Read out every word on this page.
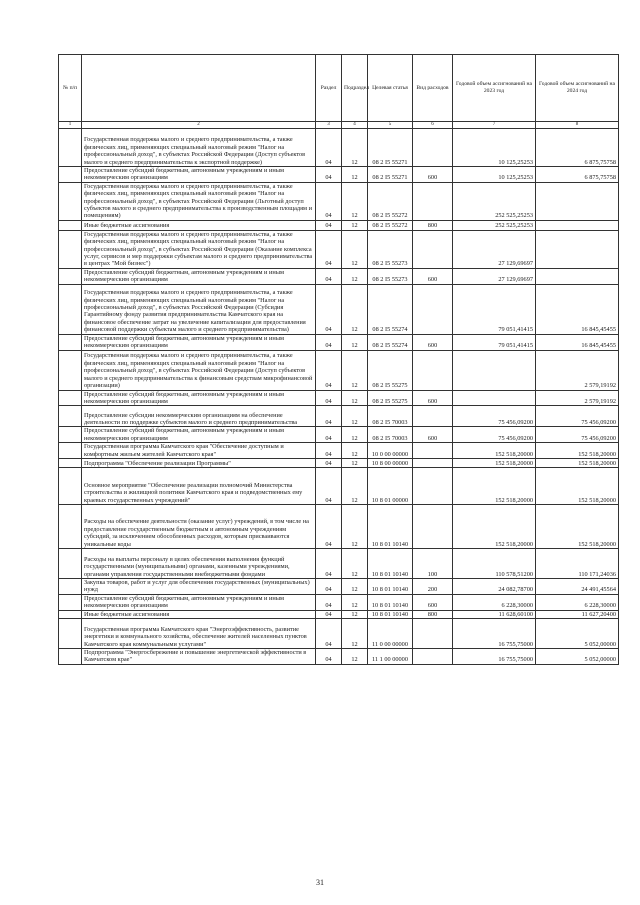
№ п/п		Раздел	Подраздел	Целевая статья	Вид расходов	Годовой объем ассигнований на 2023 год	Годовой объем ассигнований на 2024 год
1	2	3	4	5	6	7	8
	Государственная поддержка малого и среднего предпринимательства, а также физических лиц, применяющих специальный налоговый режим "Налог на профессиональный доход", в субъектах Российской Федерации (Доступ субъектов малого и среднего предпринимательства к экспортной поддержке)	04	12	08 2 I5 55271		10 125,25253	6 875,75758
	Предоставление субсидий бюджетным, автономным учреждениям и иным некоммерческим организациям	04	12	08 2 I5 55271	600	10 125,25253	6 875,75758
	Государственная поддержка малого и среднего предпринимательства, а также физических лиц, применяющих специальный налоговый режим "Налог на профессиональный доход", в субъектах Российской Федерации (Льготный доступ субъектов малого и среднего предпринимательства к производственным площадям и помещениям)	04	12	08 2 I5 55272		252 525,25253	
	Иные бюджетные ассигнования	04	12	08 2 I5 55272	800	252 525,25253	
	Государственная поддержка малого и среднего предпринимательства, а также физических лиц, применяющих специальный налоговый режим "Налог на профессиональный доход", в субъектах Российской Федерации (Оказание комплекса услуг, сервисов и мер поддержки субъектам малого и среднего предпринимательства в центрах "Мой бизнес")	04	12	08 2 I5 55273		27 129,69697	
	Предоставление субсидий бюджетным, автономным учреждениям и иным некоммерческим организациям	04	12	08 2 I5 55273	600	27 129,69697	
	Государственная поддержка малого и среднего предпринимательства, а также физических лиц, применяющих специальный налоговый режим "Налог на профессиональный доход", в субъектах Российской Федерации (Субсидия Гарантийному фонду развития предпринимательства Камчатского края на финансовое обеспечение затрат на увеличение капитализации для предоставления финансовой поддержки субъектам малого и среднего предпринимательства)	04	12	08 2 I5 55274		79 051,41415	16 845,45455
	Предоставление субсидий бюджетным, автономным учреждениям и иным некоммерческим организациям	04	12	08 2 I5 55274	600	79 051,41415	16 845,45455
	Государственная поддержка малого и среднего предпринимательства, а также физических лиц, применяющих специальный налоговый режим "Налог на профессиональный доход", в субъектах Российской Федерации (Доступ субъектов малого и среднего предпринимательства к финансовым средствам микрофинансовой организации)	04	12	08 2 I5 55275			2 579,19192
	Предоставление субсидий бюджетным, автономным учреждениям и иным некоммерческим организациям	04	12	08 2 I5 55275	600		2 579,19192
	Предоставление субсидии некоммерческим организациям на обеспечение деятельности по поддержке субъектов малого и среднего предпринимательства	04	12	08 2 I5 70003		75 456,09200	75 456,09200
	Предоставление субсидий бюджетным, автономным учреждениям и иным некоммерческим организациям	04	12	08 2 I5 70003	600	75 456,09200	75 456,09200
	Государственная программа Камчатского края "Обеспечение доступным и комфортным жильем жителей Камчатского края"	04	12	10 0 00 00000		152 518,20000	152 518,20000
	Подпрограмма "Обеспечение реализации Программы"	04	12	10 8 00 00000		152 518,20000	152 518,20000
	Основное мероприятие "Обеспечение реализации полномочий Министерства строительства и жилищной политики Камчатского края и подведомственных ему краевых государственных учреждений"	04	12	10 8 01 00000		152 518,20000	152 518,20000
	Расходы на обеспечение деятельности (оказание услуг) учреждений, в том числе на предоставление государственным бюджетным и автономным учреждениям субсидий, за исключением обособленных расходов, которым присваиваются уникальные коды	04	12	10 8 01 10140		152 518,20000	152 518,20000
	Расходы на выплаты персоналу в целях обеспечения выполнения функций государственными (муниципальными) органами, казенными учреждениями, органами управления государственными внебюджетными фондами	04	12	10 8 01 10140	100	110 578,51200	110 171,24036
	Закупка товаров, работ и услуг для обеспечения государственных (муниципальных) нужд	04	12	10 8 01 10140	200	24 082,78700	24 491,45564
	Предоставление субсидий бюджетным, автономным учреждениям и иным некоммерческим организациям	04	12	10 8 01 10140	600	6 228,30000	6 228,30000
	Иные бюджетные ассигнования	04	12	10 8 01 10140	800	11 628,60100	11 627,20400
	Государственная программа Камчатского края "Энергоэффективность, развитие энергетики и коммунального хозяйства, обеспечение жителей населенных пунктов Камчатского края коммунальными услугами"	04	12	11 0 00 00000		16 755,75000	5 052,00000
	Подпрограмма "Энергосбережение и повышение энергетической эффективности в Камчатском крае"	04	12	11 1 00 00000		16 755,75000	5 052,00000
31
